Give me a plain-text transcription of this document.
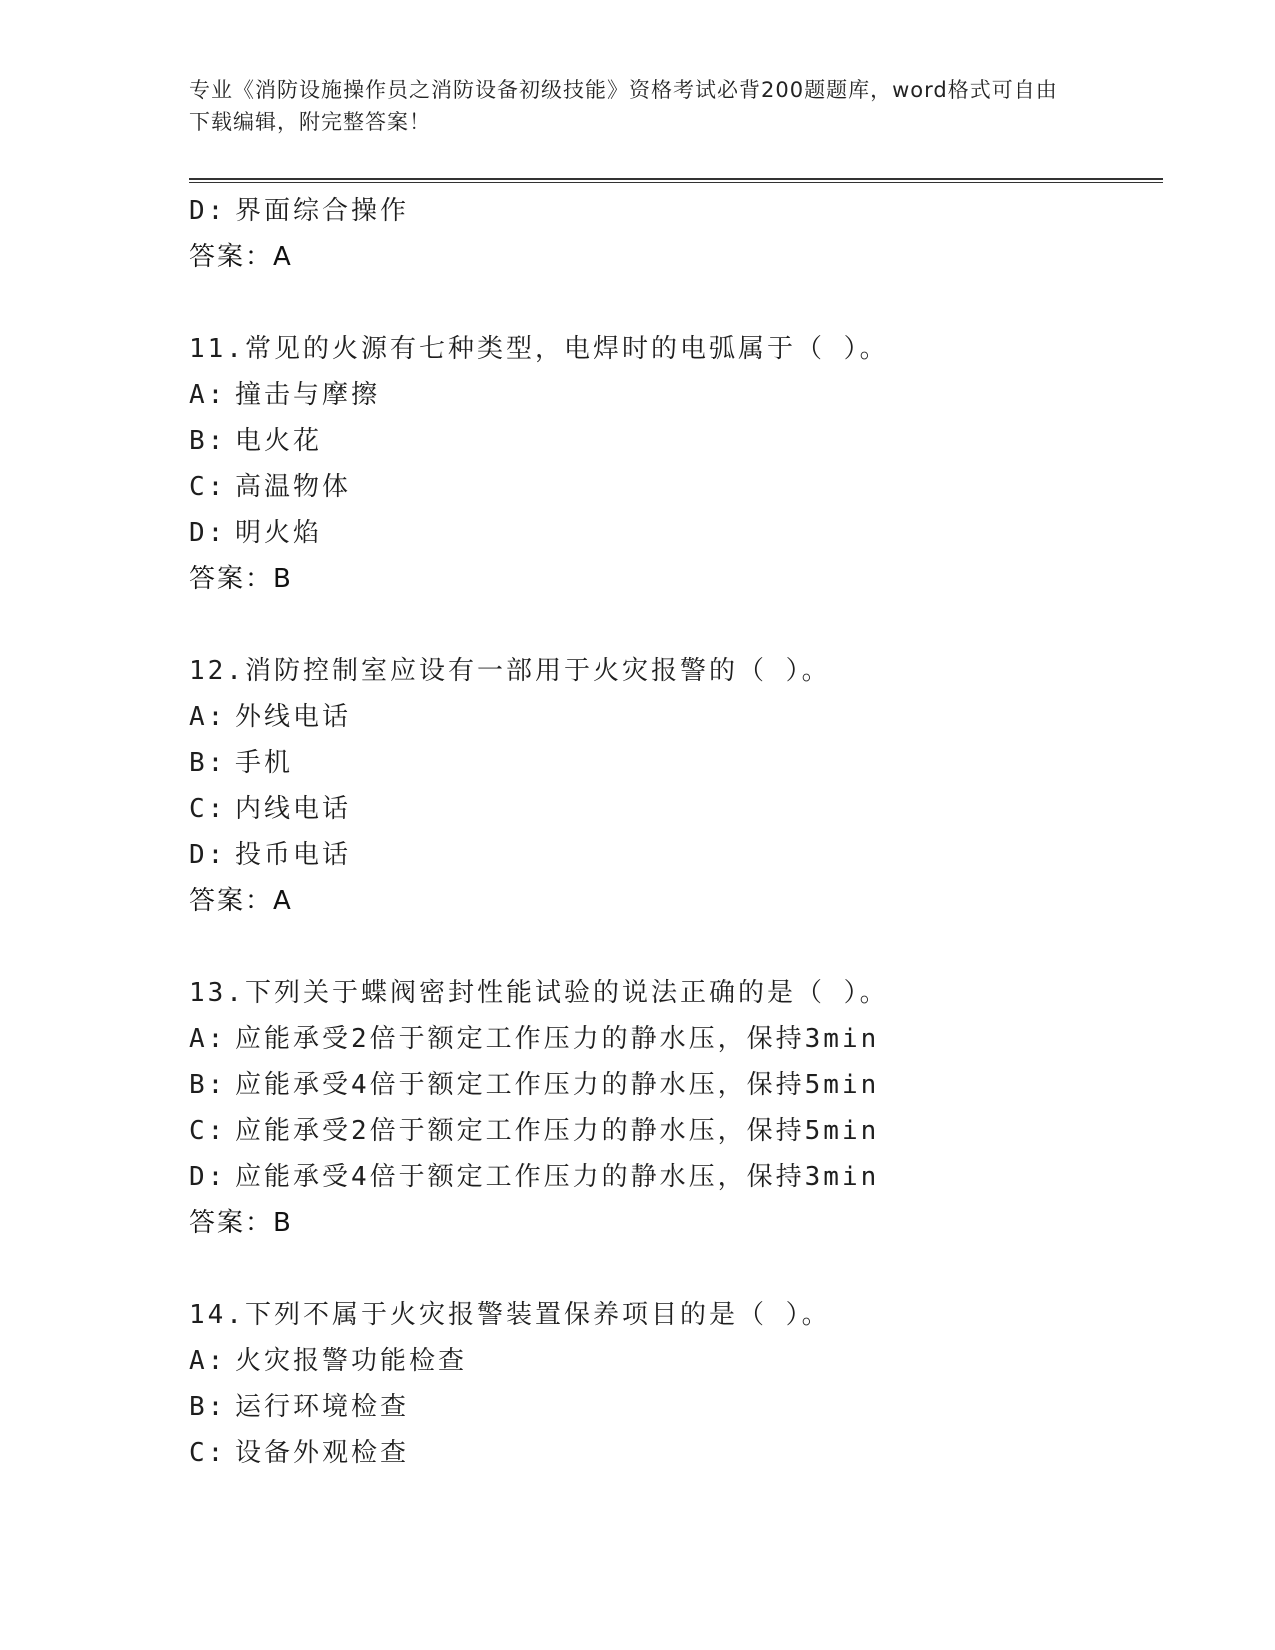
专业《消防设施操作员之消防设备初级技能》资格考试必背200题题库，word格式可自由下载编辑，附完整答案！
D: 界面综合操作
答案：A
11.常见的火源有七种类型，电焊时的电弧属于（ ）。
A: 撞击与摩擦
B: 电火花
C: 高温物体
D: 明火焰
答案：B
12.消防控制室应设有一部用于火灾报警的（ ）。
A: 外线电话
B: 手机
C: 内线电话
D: 投币电话
答案：A
13.下列关于蝶阀密封性能试验的说法正确的是（ ）。
A: 应能承受2倍于额定工作压力的静水压，保持3min
B: 应能承受4倍于额定工作压力的静水压，保持5min
C: 应能承受2倍于额定工作压力的静水压，保持5min
D: 应能承受4倍于额定工作压力的静水压，保持3min
答案：B
14.下列不属于火灾报警装置保养项目的是（ ）。
A: 火灾报警功能检查
B: 运行环境检查
C: 设备外观检查
